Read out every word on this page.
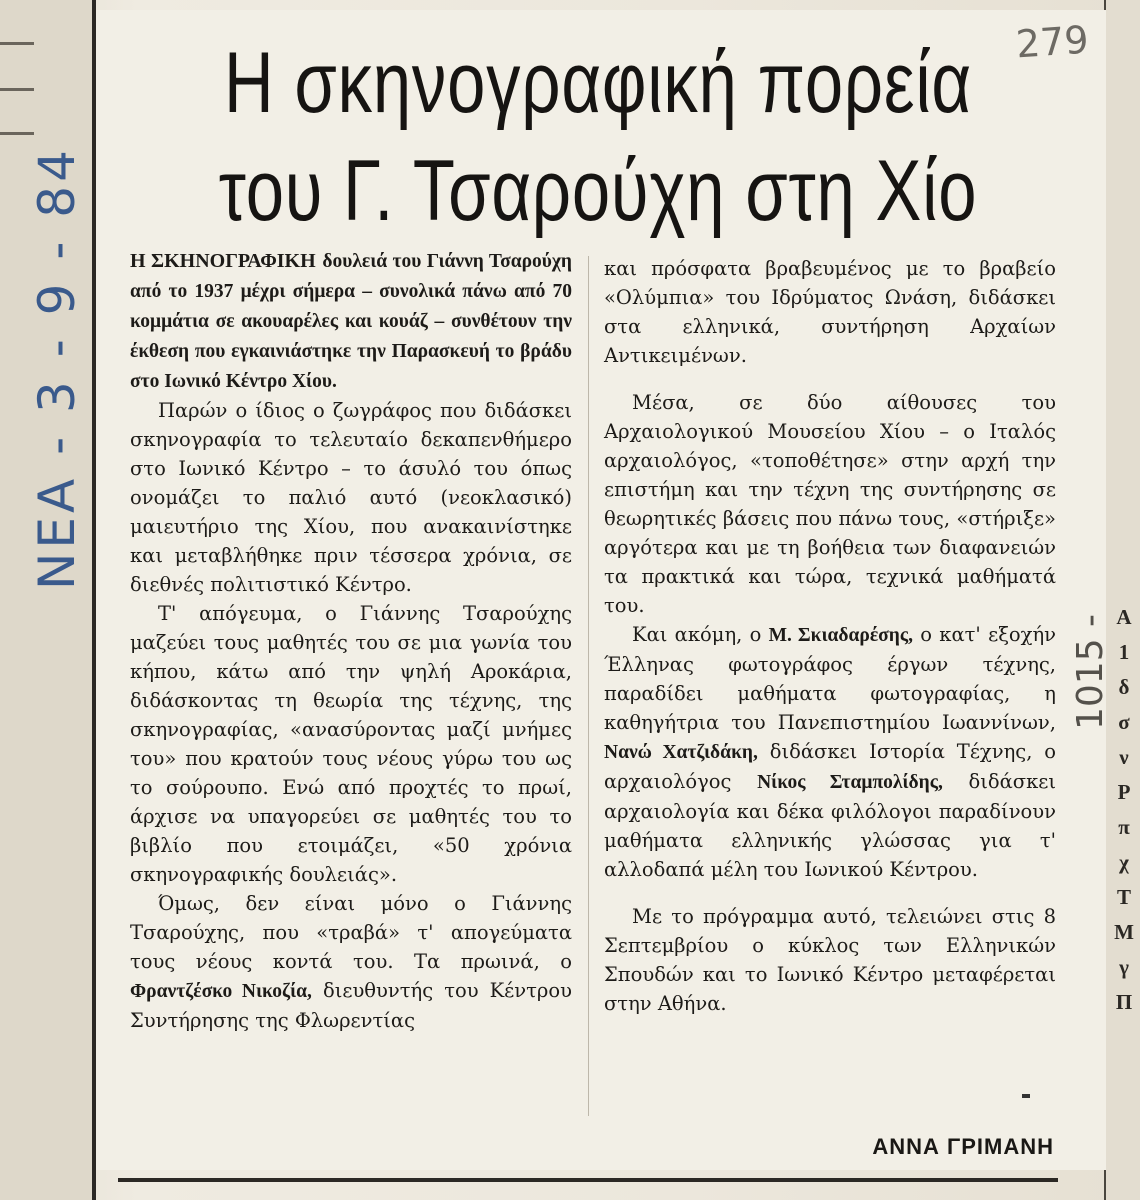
Α
1
δ
σ
ν
Ρ
π
χ
Τ
Μ
γ
Π
Η σκηνογραφική πορεία
του Γ. Τσαρούχη στη Χίο

Η ΣΚΗΝΟΓΡΑΦΙΚΗ δουλειά του Γιάννη Τσαρούχη από το 1937 μέχρι σήμερα – συνολικά πάνω από 70 κομμάτια σε ακουαρέλες και κουάζ – συνθέτουν την έκθεση που εγκαινιάστηκε την Παρασκευή το βράδυ στο Ιωνικό Κέντρο Χίου.

Παρών ο ίδιος ο ζωγράφος που διδάσκει σκηνογραφία το τελευταίο δεκαπενθήμερο στο Ιωνικό Κέντρο – το άσυλό του όπως ονομάζει το παλιό αυτό (νεοκλασικό) μαιευτήριο της Χίου, που ανακαινίστηκε και μεταβλήθηκε πριν τέσσερα χρόνια, σε διεθνές πολιτιστικό Κέντρο.

Τ' απόγευμα, ο Γιάννης Τσαρούχης μαζεύει τους μαθητές του σε μια γωνία του κήπου, κάτω από την ψηλή Αροκάρια, διδάσκοντας τη θεωρία της τέχνης, της σκηνογραφίας, «ανασύροντας μαζί μνήμες του» που κρατούν τους νέους γύρω του ως το σούρουπο. Ενώ από προχτές το πρωί, άρχισε να υπαγορεύει σε μαθητές του το βιβλίο που ετοιμάζει, «50 χρόνια σκηνογραφικής δουλειάς».

Όμως, δεν είναι μόνο ο Γιάννης Τσαρούχης, που «τραβά» τ' απογεύματα τους νέους κοντά του. Τα πρωινά, ο Φραντζέσκο Νικοζία, διευθυντής του Κέντρου Συντήρησης της Φλωρεντίας

και πρόσφατα βραβευμένος με το βραβείο «Ολύμπια» του Ιδρύματος Ωνάση, διδάσκει στα ελληνικά, συντήρηση Αρχαίων Αντικειμένων.

Μέσα, σε δύο αίθουσες του Αρχαιολογικού Μουσείου Χίου – ο Ιταλός αρχαιολόγος, «τοποθέτησε» στην αρχή την επιστήμη και την τέχνη της συντήρησης σε θεωρητικές βάσεις που πάνω τους, «στήριξε» αργότερα και με τη βοήθεια των διαφανειών τα πρακτικά και τώρα, τεχνικά μαθήματά του.

Και ακόμη, ο Μ. Σκιαδαρέσης, ο κατ' εξοχήν Έλληνας φωτογράφος έργων τέχνης, παραδίδει μαθήματα φωτογραφίας, η καθηγήτρια του Πανεπιστημίου Ιωαννίνων, Νανώ Χατζιδάκη, διδάσκει Ιστορία Τέχνης, ο αρχαιολόγος Νίκος Σταμπολίδης, διδάσκει αρχαιολογία και δέκα φιλόλογοι παραδίνουν μαθήματα ελληνικής γλώσσας για τ' αλλοδαπά μέλη του Ιωνικού Κέντρου.

Με το πρόγραμμα αυτό, τελειώνει στις 8 Σεπτεμβρίου ο κύκλος των Ελληνικών Σπουδών και το Ιωνικό Κέντρο μεταφέρεται στην Αθήνα.

ΑΝΝΑ ΓΡΙΜΑΝΗ
ΝΕΑ - 3 - 9 - 84
279
1015 -
